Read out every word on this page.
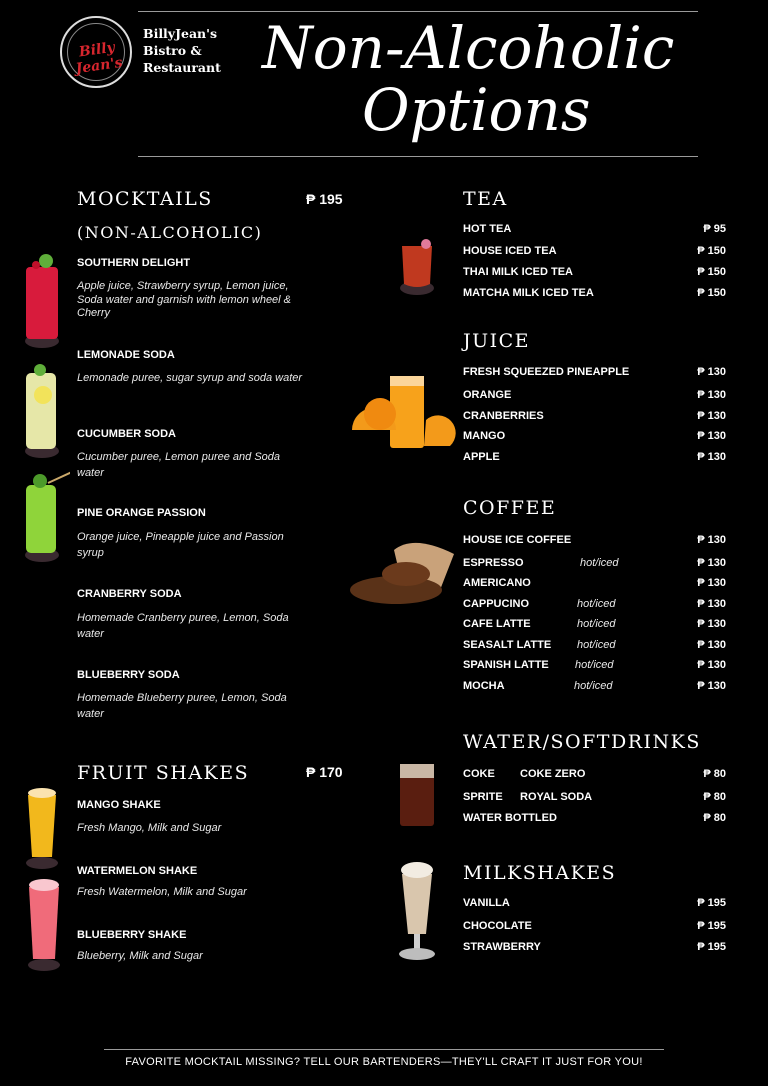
Billy Jean's
BillyJean's
Bistro &
Restaurant Non-Alcoholic
Options
MOCKTAILS	₱ 195
(NON-ALCOHOLIC)
SOUTHERN DELIGHT
Apple juice, Strawberry syrup, Lemon juice, Soda water and garnish with lemon wheel & Cherry
LEMONADE SODA
Lemonade puree, sugar syrup and soda water
CUCUMBER SODA
Cucumber puree, Lemon puree and Soda water
PINE ORANGE PASSION
Orange juice, Pineapple juice and Passion syrup
CRANBERRY SODA
Homemade Cranberry puree, Lemon, Soda water
BLUEBERRY SODA
Homemade Blueberry puree, Lemon, Soda water
FRUIT SHAKES	₱ 170
MANGO SHAKE
Fresh Mango, Milk and Sugar
WATERMELON SHAKE
Fresh Watermelon, Milk and Sugar
BLUEBERRY SHAKE
Blueberry, Milk and Sugar
TEA
HOT TEA	₱ 95
HOUSE ICED TEA	₱ 150
THAI MILK ICED TEA	₱ 150
MATCHA MILK ICED TEA	₱ 150
JUICE
FRESH SQUEEZED PINEAPPLE	₱ 130
ORANGE	₱ 130
CRANBERRIES	₱ 130
MANGO	₱ 130
APPLE	₱ 130
COFFEE
HOUSE ICE COFFEE	₱ 130
ESPRESSO	hot/iced	₱ 130
AMERICANO	₱ 130
CAPPUCINO	hot/iced	₱ 130
CAFE LATTE	hot/iced	₱ 130
SEASALT LATTE hot/iced	₱ 130
SPANISH LATTE hot/iced	₱ 130
MOCHA	hot/iced	₱ 130
WATER/SOFTDRINKS
COKE COKE ZERO	₱ 80
SPRITE ROYAL SODA	₱ 80
WATER BOTTLED	₱ 80
MILKSHAKES
VANILLA	₱ 195
CHOCOLATE	₱ 195
STRAWBERRY	₱ 195
FAVORITE MOCKTAIL MISSING? TELL OUR BARTENDERS—THEY'LL CRAFT IT JUST FOR YOU!
